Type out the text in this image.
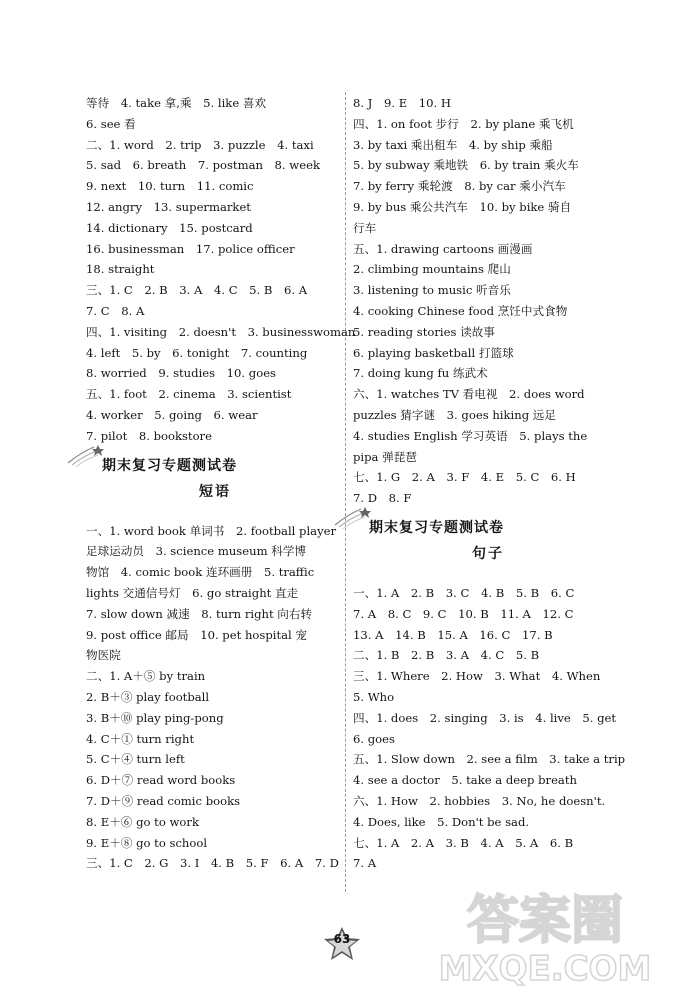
等待　4. take 拿,乘　5. like 喜欢
6. see 看
二、1. word　2. trip　3. puzzle　4. taxi
5. sad　6. breath　7. postman　8. week
9. next　10. turn　11. comic
12. angry　13. supermarket
14. dictionary　15. postcard
16. businessman　17. police officer
18. straight
三、1. C　2. B　3. A　4. C　5. B　6. A
7. C　8. A
四、1. visiting　2. doesn't　3. businesswoman
4. left　5. by　6. tonight　7. counting
8. worried　9. studies　10. goes
五、1. foot　2. cinema　3. scientist
4. worker　5. going　6. wear
7. pilot　8. bookstore
期末复习专题测试卷
短语
一、1. word book 单词书　2. football player
足球运动员　3. science museum 科学博
物馆　4. comic book 连环画册　5. traffic
lights 交通信号灯　6. go straight 直走
7. slow down 减速　8. turn right 向右转
9. post office 邮局　10. pet hospital 宠
物医院
二、1. A＋⑤ by train
2. B＋③ play football
3. B＋⑩ play ping-pong
4. C＋① turn right
5. C＋④ turn left
6. D＋⑦ read word books
7. D＋⑨ read comic books
8. E＋⑥ go to work
9. E＋⑧ go to school
三、1. C　2. G　3. I　4. B　5. F　6. A　7. D
8. J　9. E　10. H
四、1. on foot 步行　2. by plane 乘飞机
3. by taxi 乘出租车　4. by ship 乘船
5. by subway 乘地铁　6. by train 乘火车
7. by ferry 乘轮渡　8. by car 乘小汽车
9. by bus 乘公共汽车　10. by bike 骑自
行车
五、1. drawing cartoons 画漫画
2. climbing mountains 爬山
3. listening to music 听音乐
4. cooking Chinese food 烹饪中式食物
5. reading stories 读故事
6. playing basketball 打篮球
7. doing kung fu 练武术
六、1. watches TV 看电视　2. does word
puzzles 猜字谜　3. goes hiking 远足
4. studies English 学习英语　5. plays the
pipa 弹琵琶
七、1. G　2. A　3. F　4. E　5. C　6. H
7. D　8. F
期末复习专题测试卷
句子
一、1. A　2. B　3. C　4. B　5. B　6. C
7. A　8. C　9. C　10. B　11. A　12. C
13. A　14. B　15. A　16. C　17. B
二、1. B　2. B　3. A　4. C　5. B
三、1. Where　2. How　3. What　4. When
5. Who
四、1. does　2. singing　3. is　4. live　5. get
6. goes
五、1. Slow down　2. see a film　3. take a trip
4. see a doctor　5. take a deep breath
六、1. How　2. hobbies　3. No, he doesn't.
4. Does, like　5. Don't be sad.
七、1. A　2. A　3. B　4. A　5. A　6. B
7. A
63 答案圈
MXQE.COM
